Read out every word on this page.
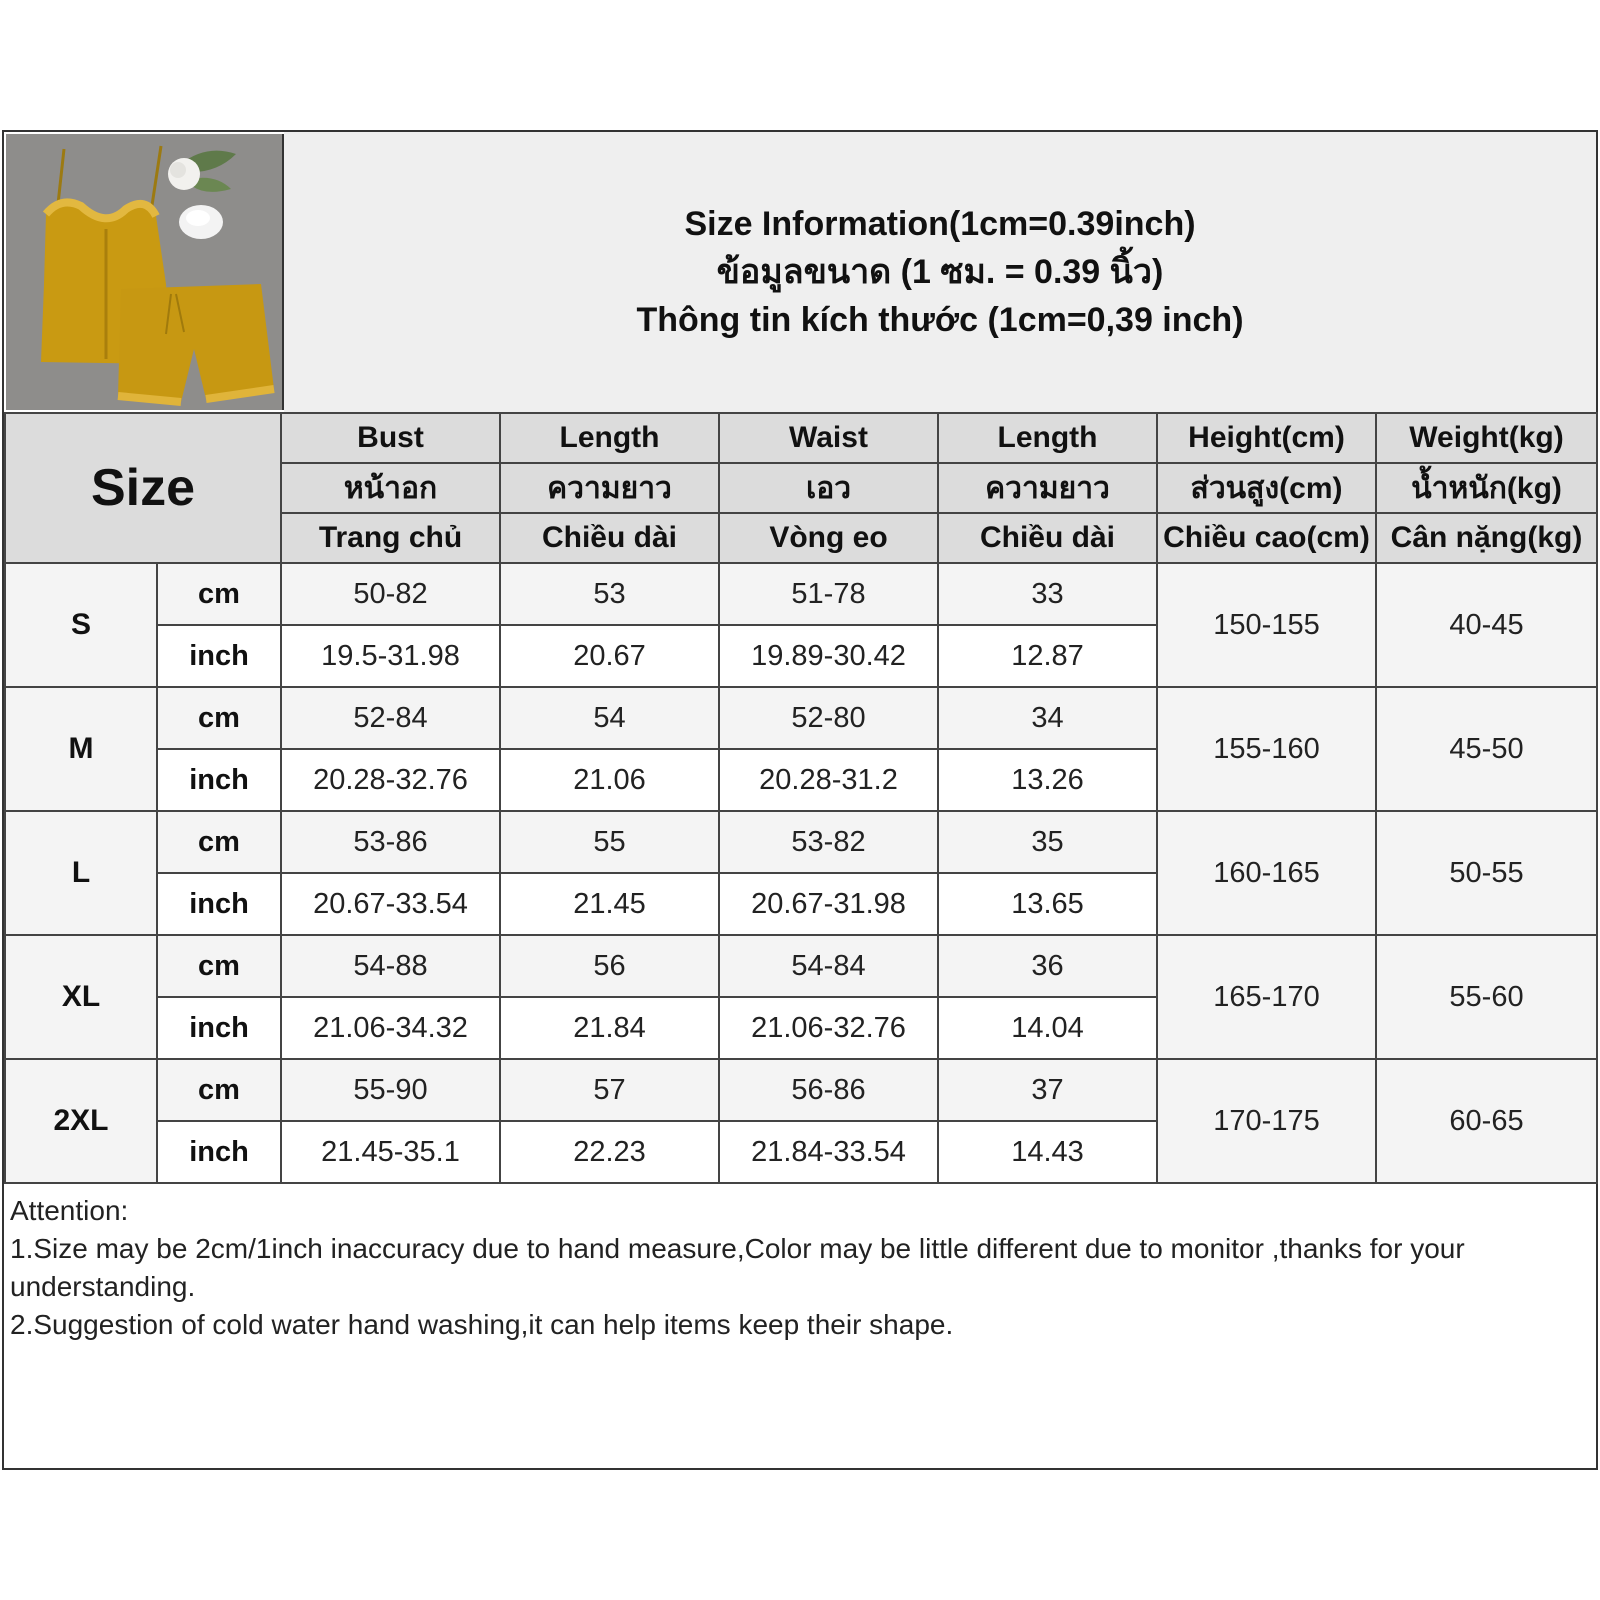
Size Information(1cm=0.39inch)
ข้อมูลขนาด (1 ซม. = 0.39 นิ้ว)
Thông tin kích thước (1cm=0,39 inch)
Size		Bust	Length	Waist	Length	Height(cm)	Weight(kg)
		หน้าอก	ความยาว	เอว	ความยาว	ส่วนสูง(cm)	น้ำหนัก(kg)
		Trang chủ	Chiều dài	Vòng eo	Chiều dài	Chiều cao(cm)	Cân nặng(kg)
S	cm	50-82	53	51-78	33	150-155	40-45
	inch	19.5-31.98	20.67	19.89-30.42	12.87		
M	cm	52-84	54	52-80	34	155-160	45-50
	inch	20.28-32.76	21.06	20.28-31.2	13.26		
L	cm	53-86	55	53-82	35	160-165	50-55
	inch	20.67-33.54	21.45	20.67-31.98	13.65		
XL	cm	54-88	56	54-84	36	165-170	55-60
	inch	21.06-34.32	21.84	21.06-32.76	14.04		
2XL	cm	55-90	57	56-86	37	170-175	60-65
	inch	21.45-35.1	22.23	21.84-33.54	14.43		

Attention:

1.Size may be 2cm/1inch inaccuracy due to hand measure,Color may be little different due to monitor ,thanks for your understanding.

2.Suggestion of cold water hand washing,it can help items keep their shape.
